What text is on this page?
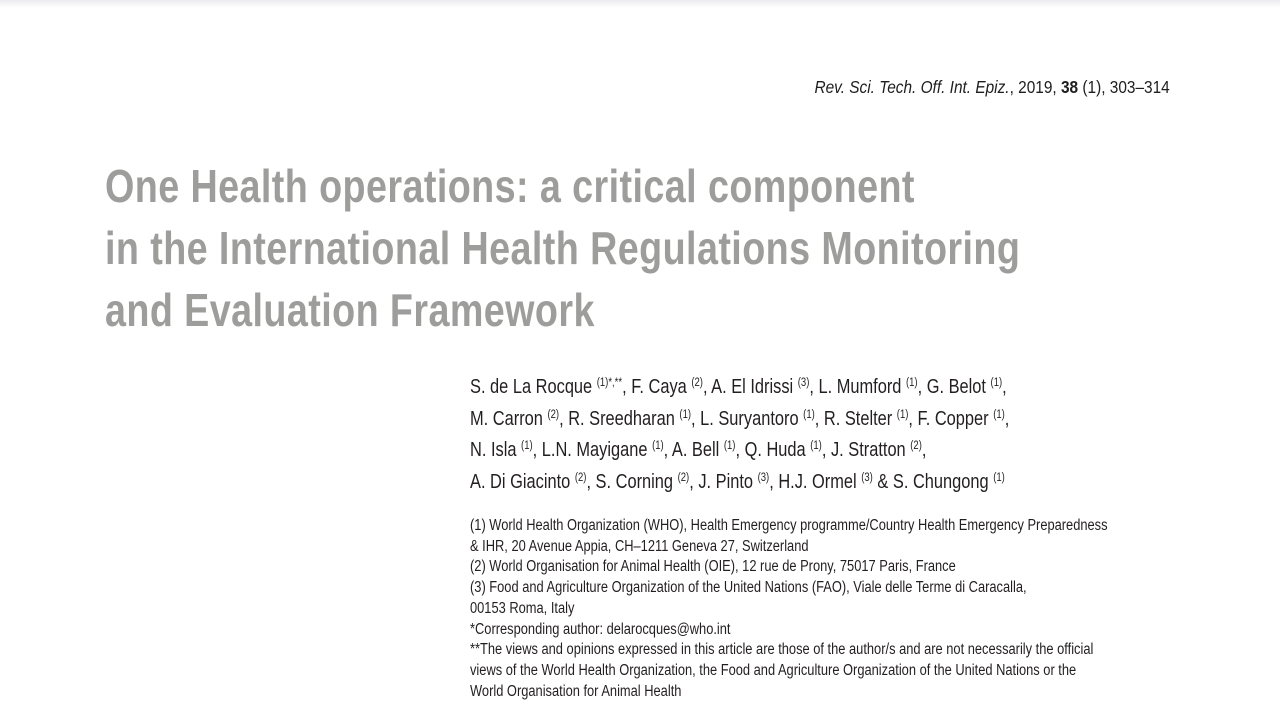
Rev. Sci. Tech. Off. Int. Epiz., 2019, 38 (1), 303–314
One Health operations: a critical component
in the International Health Regulations Monitoring
and Evaluation Framework
S. de La Rocque $^{(1)*,**}$, F. Caya $^{(2)}$, A. El Idrissi $^{(3)}$, L. Mumford $^{(1)}$, G. Belot $^{(1)}$,
M. Carron $^{(2)}$, R. Sreedharan $^{(1)}$, L. Suryantoro $^{(1)}$, R. Stelter $^{(1)}$, F. Copper $^{(1)}$,
N. Isla $^{(1)}$, L.N. Mayigane $^{(1)}$, A. Bell $^{(1)}$, Q. Huda $^{(1)}$, J. Stratton $^{(2)}$,
A. Di Giacinto $^{(2)}$, S. Corning $^{(2)}$, J. Pinto $^{(3)}$, H.J. Ormel $^{(3)}$ & S. Chungong $^{(1)}$
(1) World Health Organization (WHO), Health Emergency programme/Country Health Emergency Preparedness
& IHR, 20 Avenue Appia, CH–1211 Geneva 27, Switzerland
(2) World Organisation for Animal Health (OIE), 12 rue de Prony, 75017 Paris, France
(3) Food and Agriculture Organization of the United Nations (FAO), Viale delle Terme di Caracalla,
00153 Roma, Italy
*Corresponding author: delarocques@who.int
**The views and opinions expressed in this article are those of the author/s and are not necessarily the official
views of the World Health Organization, the Food and Agriculture Organization of the United Nations or the
World Organisation for Animal Health
